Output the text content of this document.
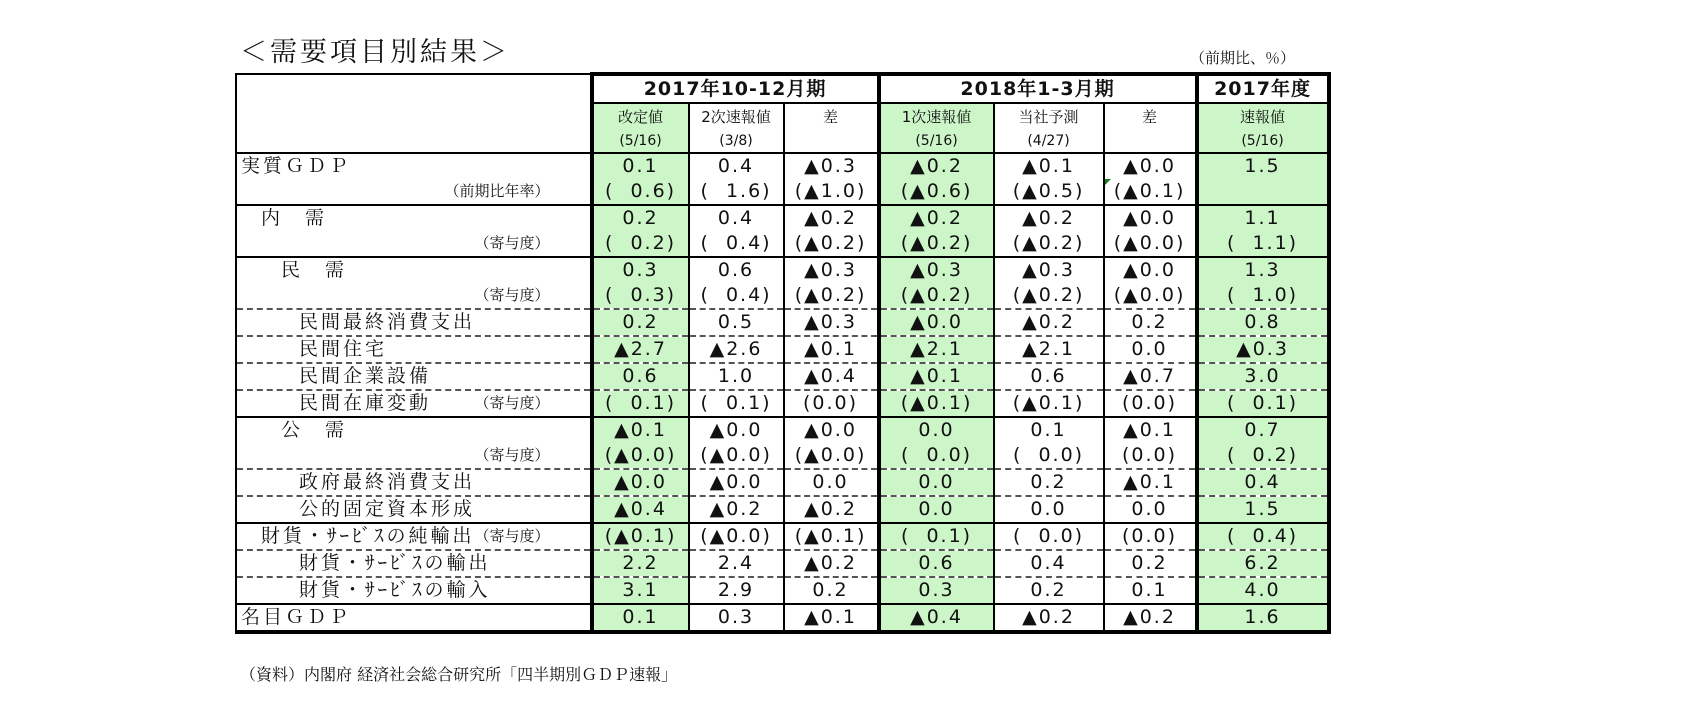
＜需要項目別結果＞	（前期比、％）
	2017年10-12月期			2018年1-3月期			2017年度
	改定値	2次速報値	差	1次速報値	当社予測	差	速報値
	(5/16)	(3/8)		(5/16)	(4/27)		(5/16)

実質ＧＤＰ	0.1	0.4	▲0.3	▲0.2	▲0.1	▲0.0	1.5

（前期比年率）	(  0.6)	(  1.6)	(▲1.0)	(▲0.6)	(▲0.5)	(▲0.1)

内　需	0.2	0.4	▲0.2	▲0.2	▲0.2	▲0.0	1.1

（寄与度）	(  0.2)	(  0.4)	(▲0.2)	(▲0.2)	(▲0.2)	(▲0.0)	(  1.1)

民　需	0.3	0.6	▲0.3	▲0.3	▲0.3	▲0.0	1.3

（寄与度）	(  0.3)	(  0.4)	(▲0.2)	(▲0.2)	(▲0.2)	(▲0.0)	(  1.0)

民間最終消費支出	0.2	0.5	▲0.3	▲0.0	▲0.2	0.2	0.8

民間住宅	▲2.7	▲2.6	▲0.1	▲2.1	▲2.1	0.0	▲0.3

民間企業設備	0.6	1.0	▲0.4	▲0.1	0.6	▲0.7	3.0

民間在庫変動 （寄与度）	(  0.1)	(  0.1)	(0.0)	(▲0.1)	(▲0.1)	(0.0)	(  0.1)

公　需	▲0.1	▲0.0	▲0.0	0.0	0.1	▲0.1	0.7

（寄与度）	(▲0.0)	(▲0.0)	(▲0.0)	(  0.0)	(  0.0)	(0.0)	(  0.2)

政府最終消費支出	▲0.0	▲0.0	0.0	0.0	0.2	▲0.1	0.4

公的固定資本形成	▲0.4	▲0.2	▲0.2	0.0	0.0	0.0	1.5

財貨・ｻｰﾋﾞｽの純輸出 （寄与度）	(▲0.1)	(▲0.0)	(▲0.1)	(  0.1)	(  0.0)	(0.0)	(  0.4)

財貨・ｻｰﾋﾞｽの輸出	2.2	2.4	▲0.2	0.6	0.4	0.2	6.2

財貨・ｻｰﾋﾞｽの輸入	3.1	2.9	0.2	0.3	0.2	0.1	4.0

名目ＧＤＰ	0.1	0.3	▲0.1	▲0.4	▲0.2	▲0.2	1.6
（資料）内閣府 経済社会総合研究所「四半期別ＧＤＰ速報」
